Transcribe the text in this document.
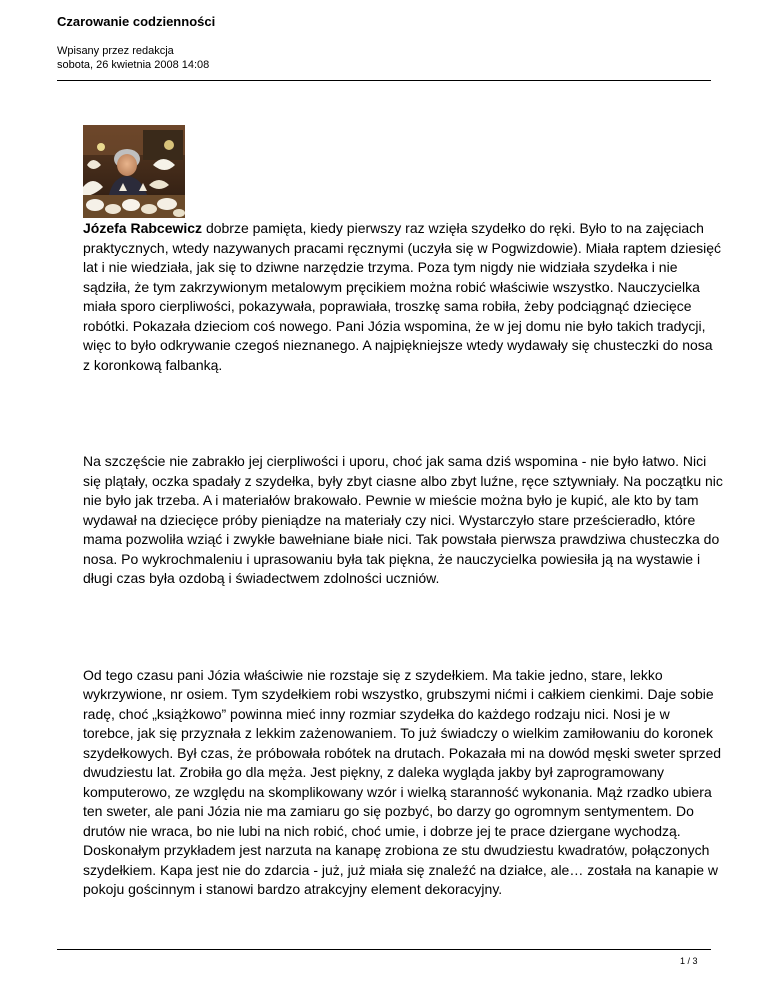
Czarowanie codzienności
Wpisany przez redakcja
sobota, 26 kwietnia 2008 14:08

Józefa Rabcewicz dobrze pamięta, kiedy pierwszy raz wzięła szydełko do ręki. Było to na zajęciach praktycznych, wtedy nazywanych pracami ręcznymi (uczyła się w Pogwizdowie). Miała raptem dziesięć lat i nie wiedziała, jak się to dziwne narzędzie trzyma. Poza tym nigdy nie widziała szydełka i nie sądziła, że tym zakrzywionym metalowym pręcikiem można robić właściwie wszystko. Nauczycielka miała sporo cierpliwości, pokazywała, poprawiała, troszkę sama robiła, żeby podciągnąć dziecięce robótki. Pokazała dzieciom coś nowego. Pani Józia wspomina, że w jej domu nie było takich tradycji, więc to było odkrywanie czegoś nieznanego. A najpiękniejsze wtedy wydawały się chusteczki do nosa z koronkową falbanką.

Na szczęście nie zabrakło jej cierpliwości i uporu, choć jak sama dziś wspomina - nie było łatwo. Nici się plątały, oczka spadały z szydełka, były zbyt ciasne albo zbyt luźne, ręce sztywniały. Na początku nic nie było jak trzeba. A i materiałów brakowało. Pewnie w mieście można było je kupić, ale kto by tam wydawał na dziecięce próby pieniądze na materiały czy nici. Wystarczyło stare prześcieradło, które mama pozwoliła wziąć i zwykłe bawełniane białe nici. Tak powstała pierwsza prawdziwa chusteczka do nosa. Po wykrochmaleniu i uprasowaniu była tak piękna, że nauczycielka powiesiła ją na wystawie i długi czas była ozdobą i świadectwem zdolności uczniów.

Od tego czasu pani Józia właściwie nie rozstaje się z szydełkiem. Ma takie jedno, stare, lekko wykrzywione, nr osiem. Tym szydełkiem robi wszystko, grubszymi nićmi i całkiem cienkimi. Daje sobie radę, choć „książkowo” powinna mieć inny rozmiar szydełka do każdego rodzaju nici. Nosi je w torebce, jak się przyznała z lekkim zażenowaniem. To już świadczy o wielkim zamiłowaniu do koronek szydełkowych. Był czas, że próbowała robótek na drutach. Pokazała mi na dowód męski sweter sprzed dwudziestu lat. Zrobiła go dla męża. Jest piękny, z daleka wygląda jakby był zaprogramowany komputerowo, ze względu na skomplikowany wzór i wielką staranność wykonania. Mąż rzadko ubiera ten sweter, ale pani Józia nie ma zamiaru go się pozbyć, bo darzy go ogromnym sentymentem. Do drutów nie wraca, bo nie lubi na nich robić, choć umie, i dobrze jej te prace dziergane wychodzą. Doskonałym przykładem jest narzuta na kanapę zrobiona ze stu dwudziestu kwadratów, połączonych szydełkiem. Kapa jest nie do zdarcia - już, już miała się znaleźć na działce, ale… została na kanapie w pokoju gościnnym i stanowi bardzo atrakcyjny element dekoracyjny.

1 / 3
